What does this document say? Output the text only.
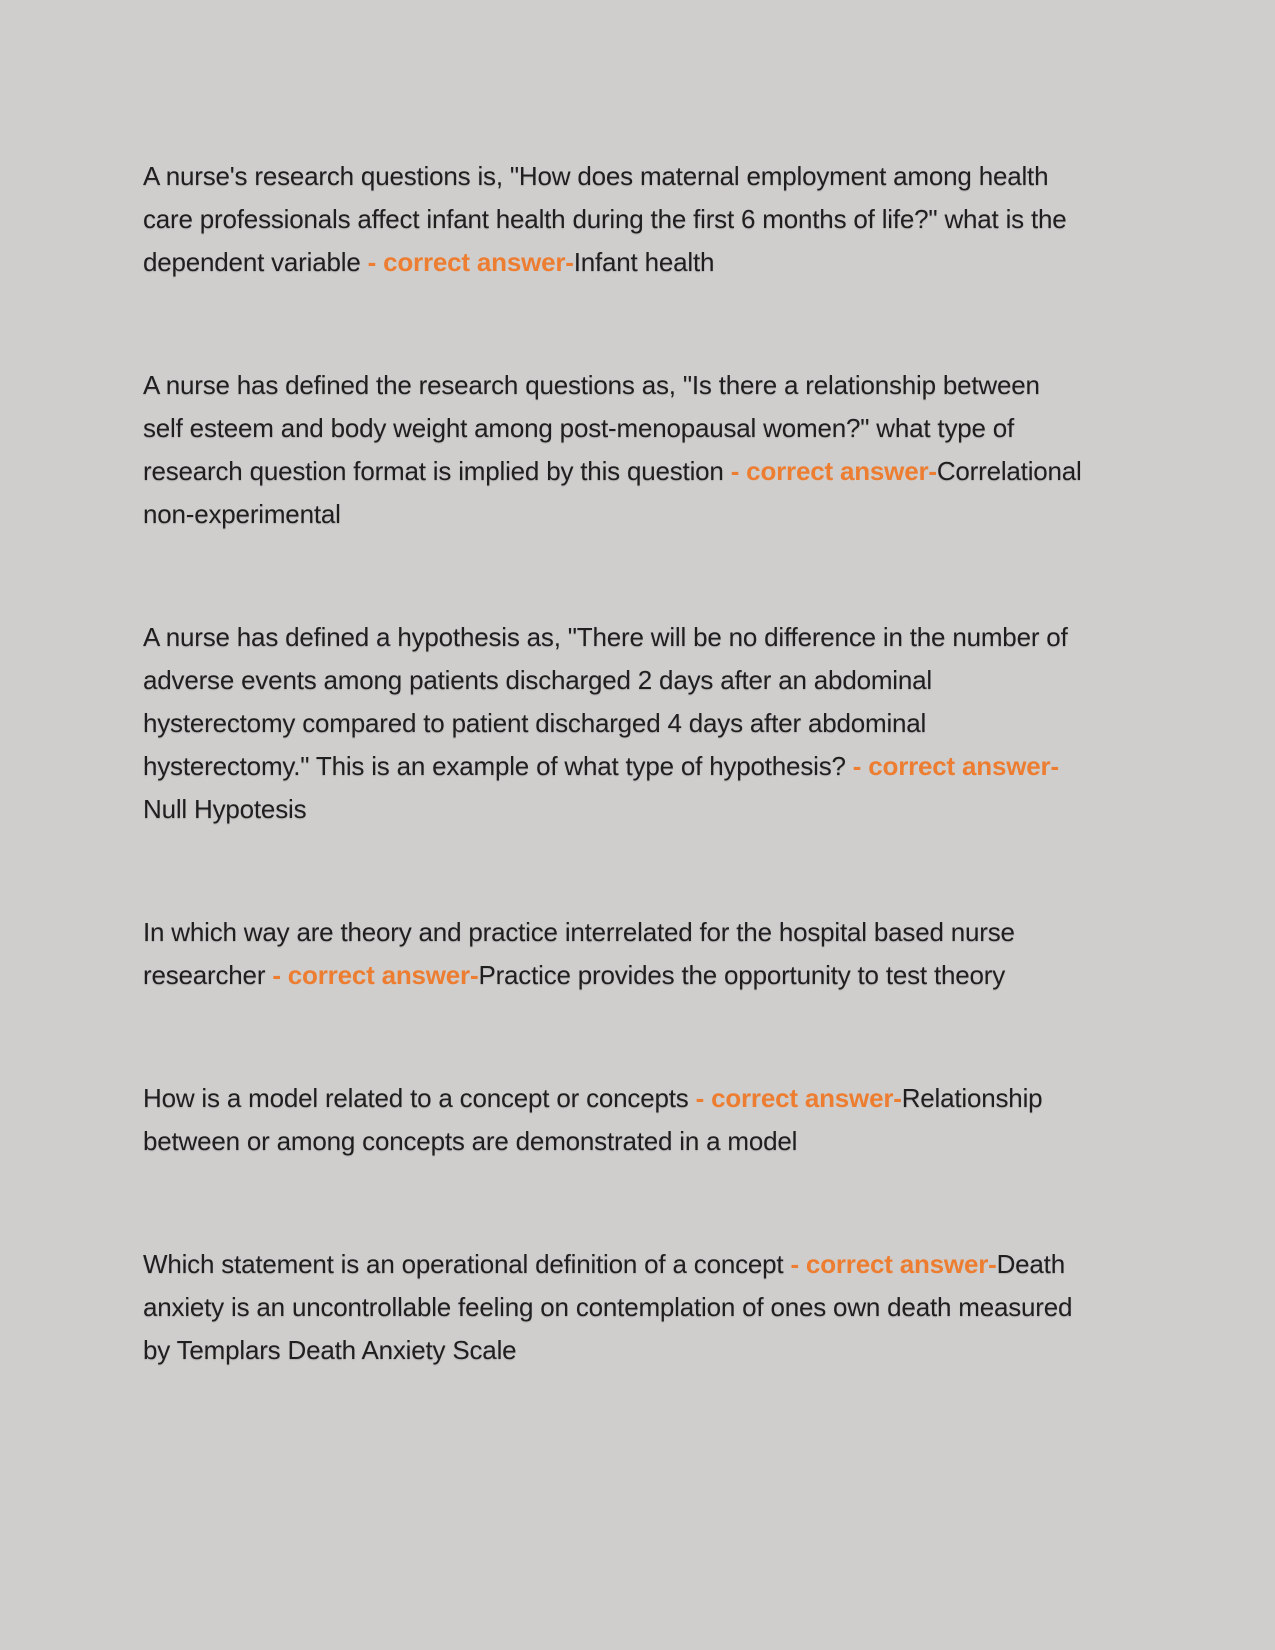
A nurse's research questions is, "How does maternal employment among health care professionals affect infant health during the first 6 months of life?" what is the dependent variable - correct answer-Infant health

A nurse has defined the research questions as, "Is there a relationship between self esteem and body weight among post-menopausal women?" what type of research question format is implied by this question - correct answer-Correlational non-experimental

A nurse has defined a hypothesis as, "There will be no difference in the number of adverse events among patients discharged 2 days after an abdominal hysterectomy compared to patient discharged 4 days after abdominal hysterectomy." This is an example of what type of hypothesis? - correct answer-Null Hypotesis

In which way are theory and practice interrelated for the hospital based nurse researcher - correct answer-Practice provides the opportunity to test theory

How is a model related to a concept or concepts - correct answer-Relationship between or among concepts are demonstrated in a model

Which statement is an operational definition of a concept - correct answer-Death anxiety is an uncontrollable feeling on contemplation of ones own death measured by Templars Death Anxiety Scale
